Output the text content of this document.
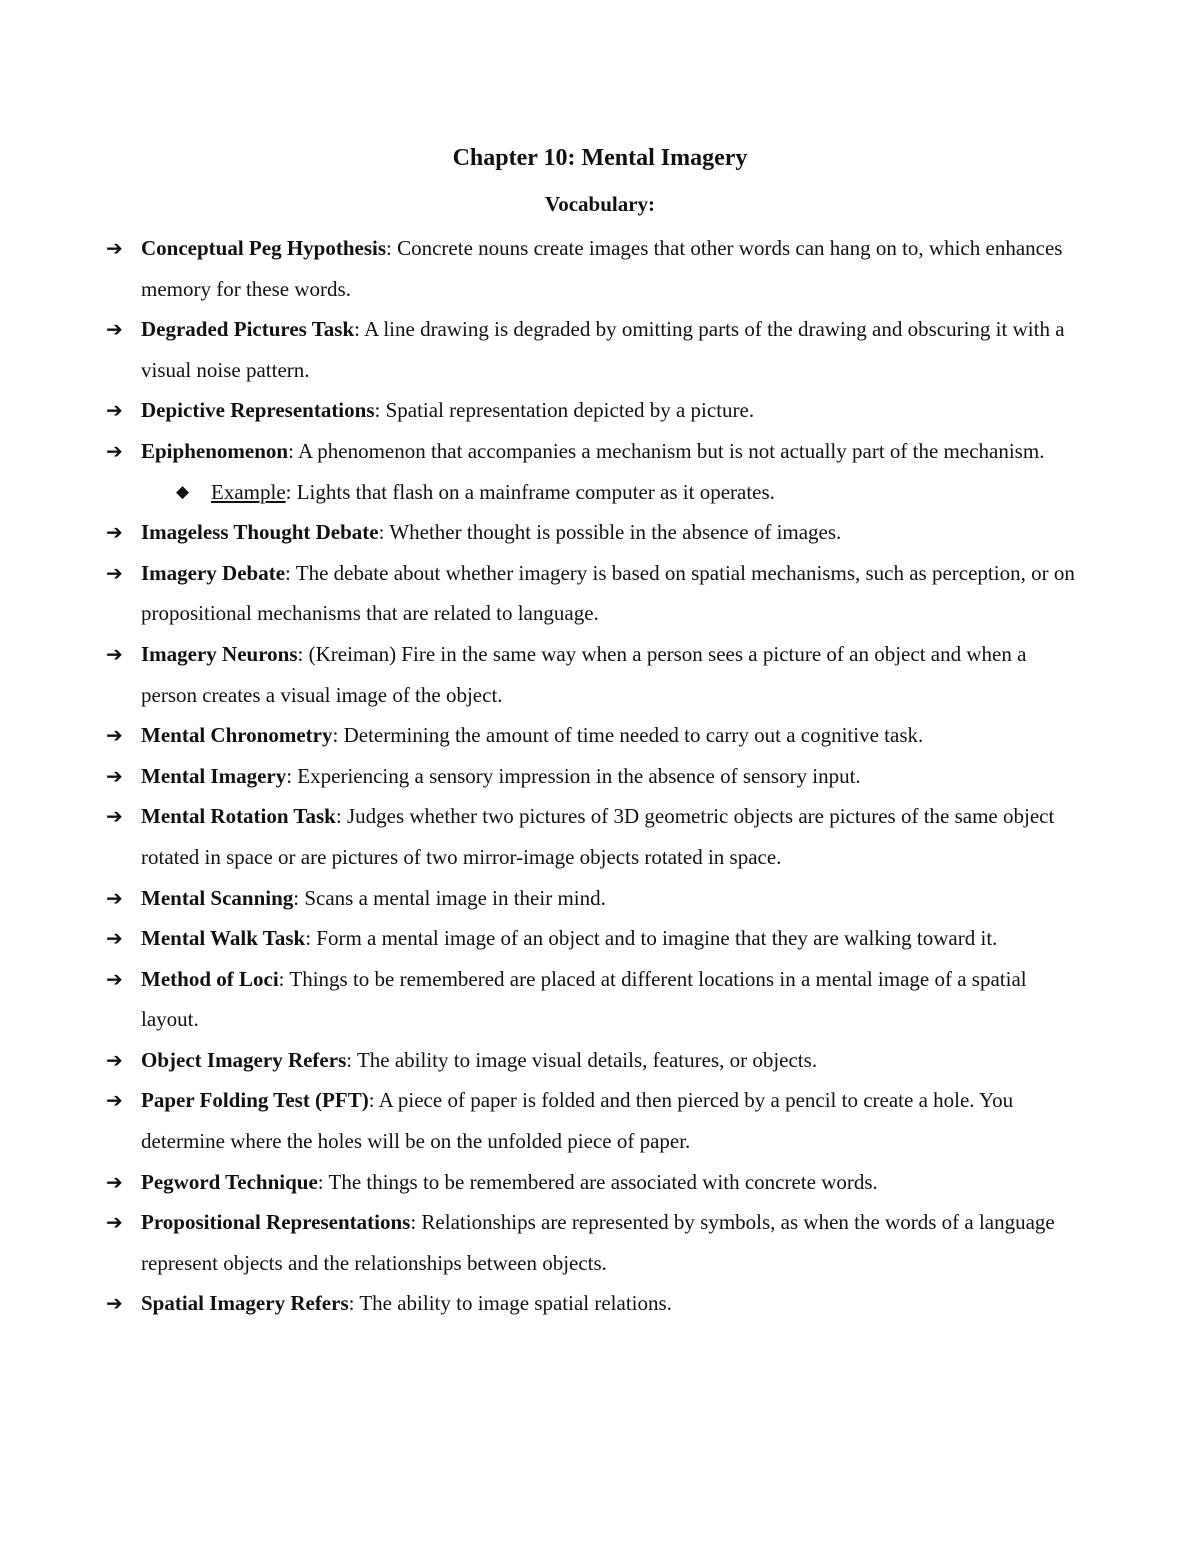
Chapter 10: Mental Imagery
Vocabulary:
➔ Conceptual Peg Hypothesis: Concrete nouns create images that other words can hang on to, which enhances memory for these words.
➔ Degraded Pictures Task: A line drawing is degraded by omitting parts of the drawing and obscuring it with a visual noise pattern.
➔ Depictive Representations: Spatial representation depicted by a picture.
➔ Epiphenomenon: A phenomenon that accompanies a mechanism but is not actually part of the mechanism.
◆ Example: Lights that flash on a mainframe computer as it operates.
➔ Imageless Thought Debate: Whether thought is possible in the absence of images.
➔ Imagery Debate: The debate about whether imagery is based on spatial mechanisms, such as perception, or on propositional mechanisms that are related to language.
➔ Imagery Neurons: (Kreiman) Fire in the same way when a person sees a picture of an object and when a person creates a visual image of the object.
➔ Mental Chronometry: Determining the amount of time needed to carry out a cognitive task.
➔ Mental Imagery: Experiencing a sensory impression in the absence of sensory input.
➔ Mental Rotation Task: Judges whether two pictures of 3D geometric objects are pictures of the same object rotated in space or are pictures of two mirror-image objects rotated in space.
➔ Mental Scanning: Scans a mental image in their mind.
➔ Mental Walk Task: Form a mental image of an object and to imagine that they are walking toward it.
➔ Method of Loci: Things to be remembered are placed at different locations in a mental image of a spatial layout.
➔ Object Imagery Refers: The ability to image visual details, features, or objects.
➔ Paper Folding Test (PFT): A piece of paper is folded and then pierced by a pencil to create a hole. You determine where the holes will be on the unfolded piece of paper.
➔ Pegword Technique: The things to be remembered are associated with concrete words.
➔ Propositional Representations: Relationships are represented by symbols, as when the words of a language represent objects and the relationships between objects.
➔ Spatial Imagery Refers: The ability to image spatial relations.
